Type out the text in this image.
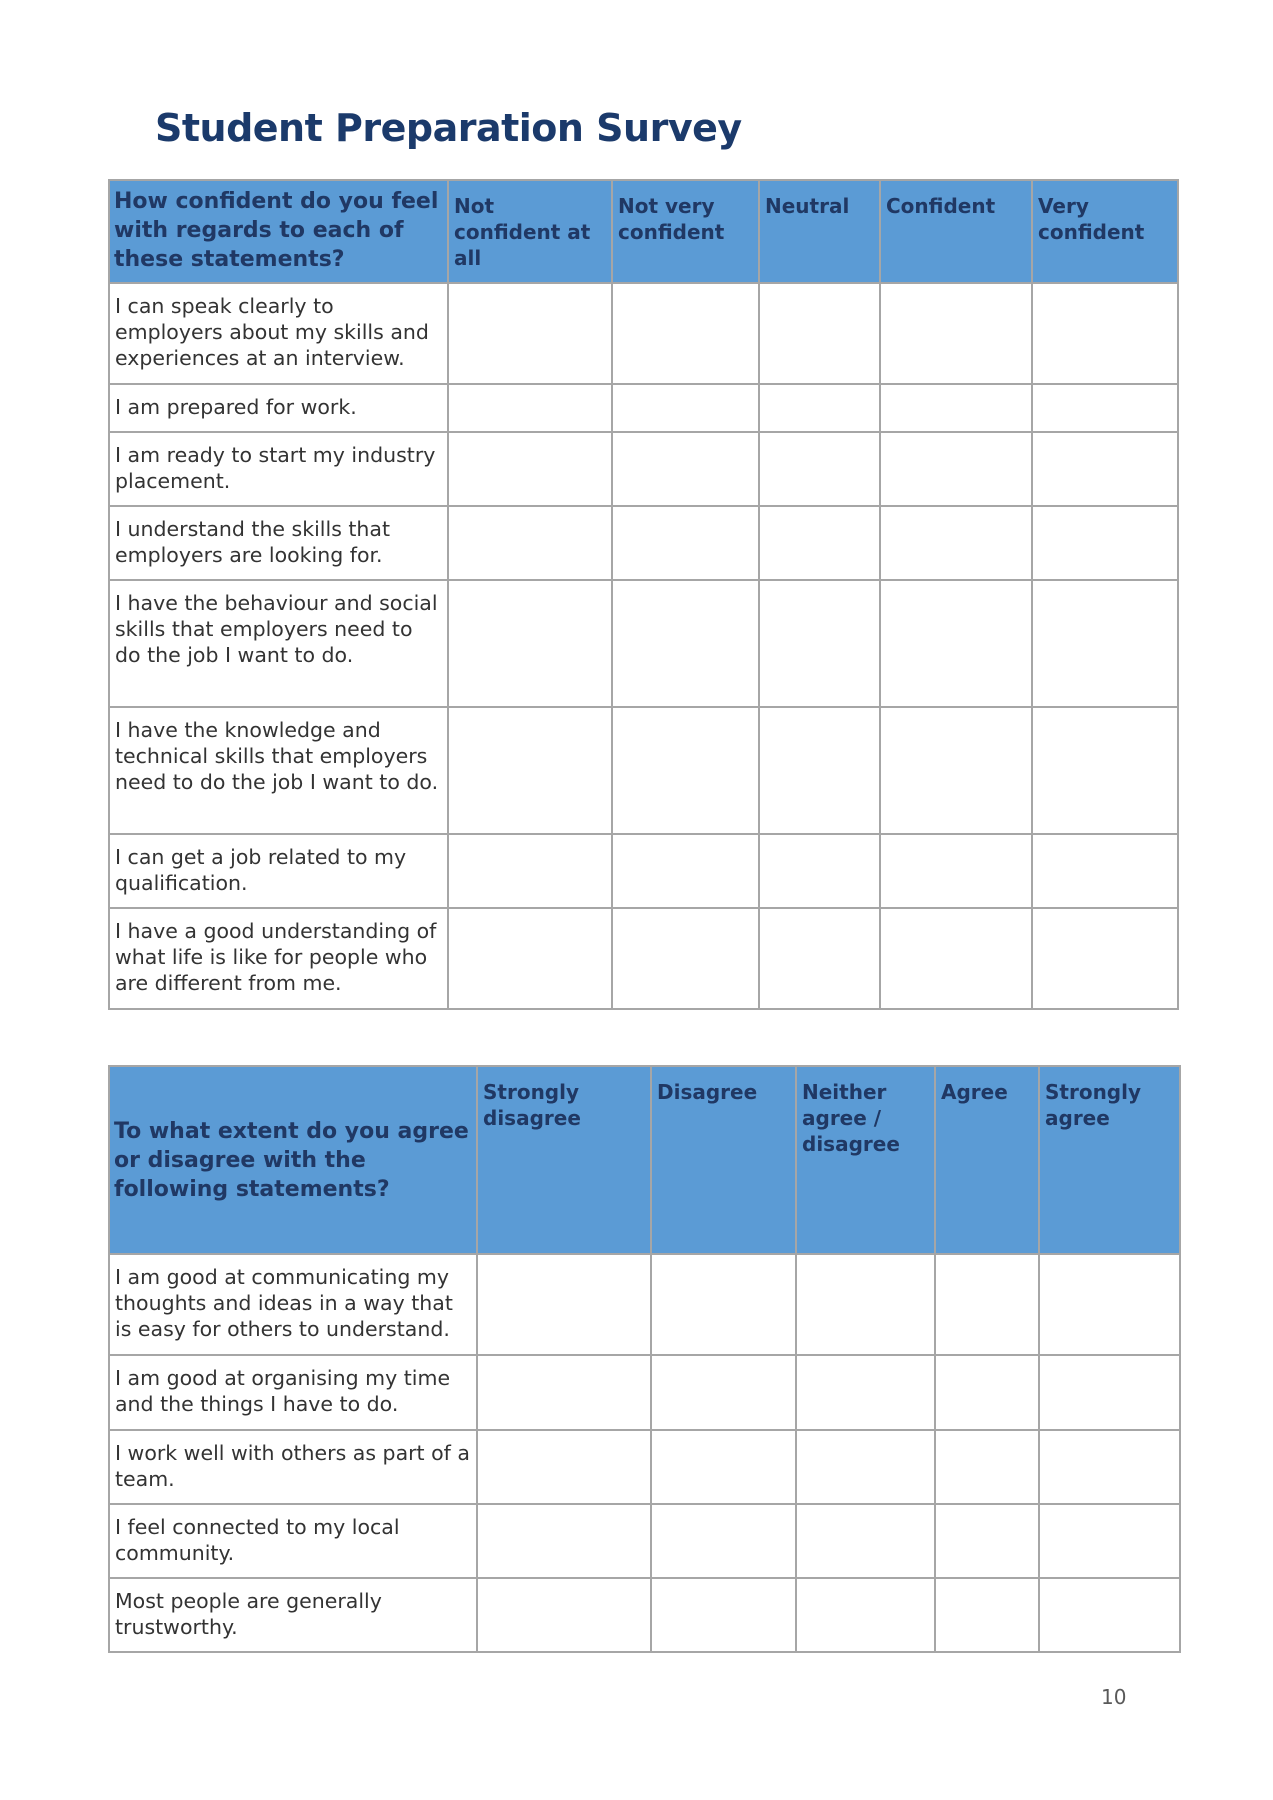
Student Preparation Survey
How confident do you feel with regards to each of these statements?	Not confident at all	Not very confident	Neutral	Confident	Very confident
I can speak clearly to employers about my skills and experiences at an interview.					
I am prepared for work.					
I am ready to start my industry placement.					
I understand the skills that employers are looking for.					
I have the behaviour and social skills that employers need to do the job I want to do.					
I have the knowledge and technical skills that employers need to do the job I want to do.					
I can get a job related to my qualification.					
I have a good understanding of what life is like for people who are different from me.					
To what extent do you agree or disagree with the following statements?	Strongly disagree	Disagree	Neither agree / disagree	Agree	Strongly agree
I am good at communicating my thoughts and ideas in a way that is easy for others to understand.					
I am good at organising my time and the things I have to do.					
I work well with others as part of a team.					
I feel connected to my local community.					
Most people are generally trustworthy.					
10
